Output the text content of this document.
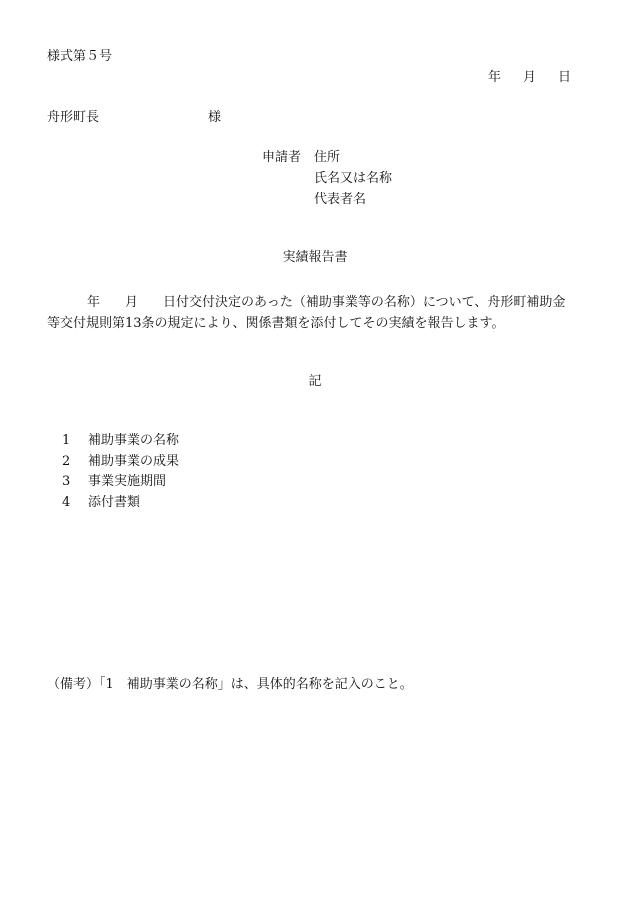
様式第５号
年 月 日
舟形町長	様
申請者 住所
氏名又は名称
代表者名
実績報告書
年 月 日付交付決定のあった（補助事業等の名称）について、舟形町補助金
等交付規則第13条の規定により、関係書類を添付してその実績を報告します。
記
1 補助事業の名称
2 補助事業の成果
3 事業実施期間
4 添付書類
（備考）「1　補助事業の名称」は、具体的名称を記入のこと。
